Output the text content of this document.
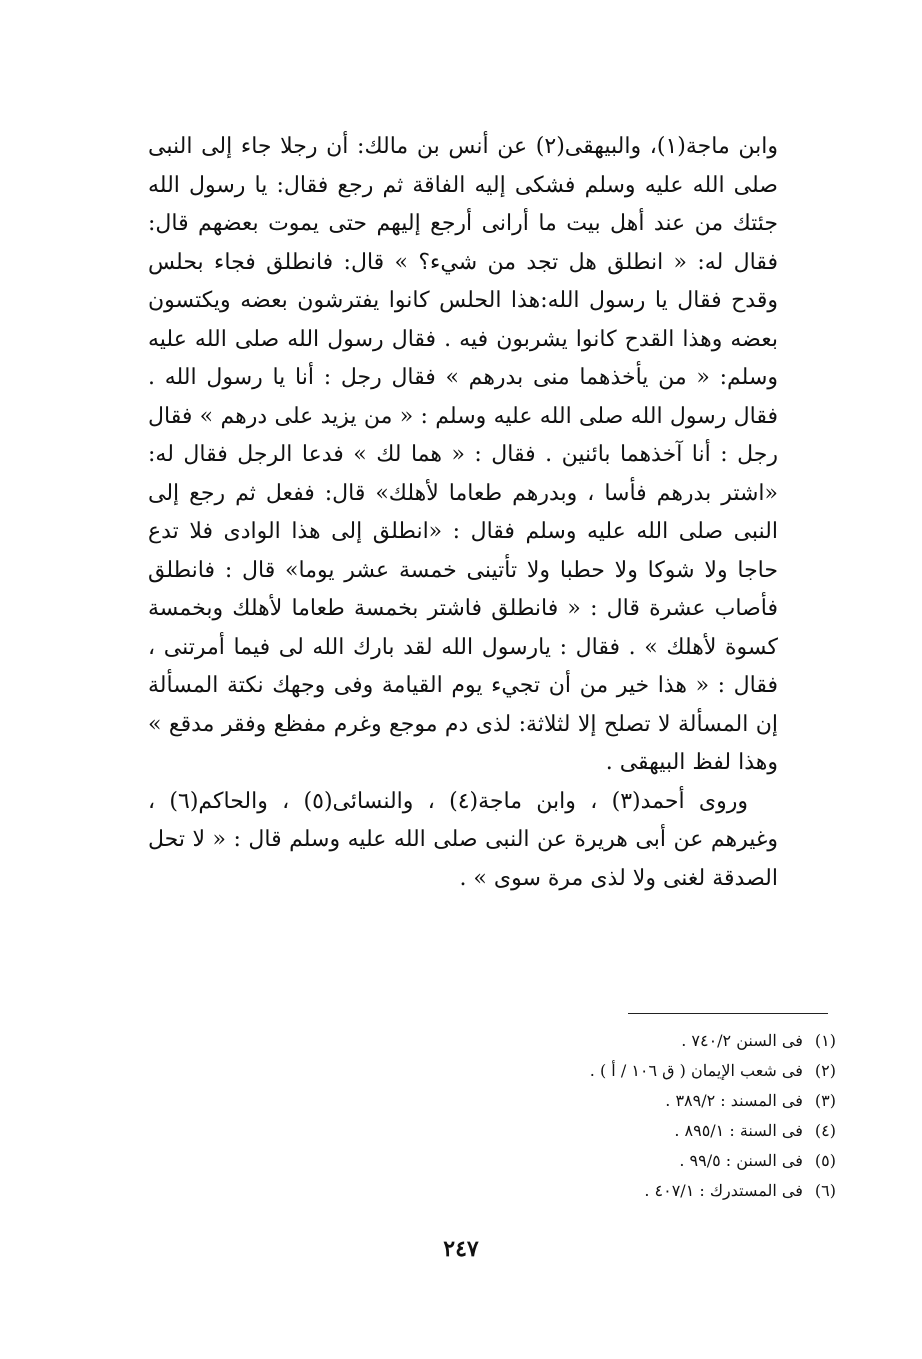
وابن ماجة(١)، والبيهقى(٢) عن أنس بن مالك: أن رجلا جاء إلى النبى صلى الله عليه وسلم فشكى إليه الفاقة ثم رجع فقال: يا رسول الله جئتك من عند أهل بيت ما أرانى أرجع إليهم حتى يموت بعضهم قال: فقال له: « انطلق هل تجد من شيء؟ » قال: فانطلق فجاء بحلس وقدح فقال يا رسول الله:هذا الحلس كانوا يفترشون بعضه ويكتسون بعضه وهذا القدح كانوا يشربون فيه . فقال رسول الله صلى الله عليه وسلم: « من يأخذهما منى بدرهم » فقال رجل : أنا يا رسول الله . فقال رسول الله صلى الله عليه وسلم : « من يزيد على درهم » فقال رجل : أنا آخذهما بائنين . فقال : « هما لك » فدعا الرجل فقال له: «اشتر بدرهم فأسا ، وبدرهم طعاما لأهلك» قال: ففعل ثم رجع إلى النبى صلى الله عليه وسلم فقال : «انطلق إلى هذا الوادى فلا تدع حاجا ولا شوكا ولا حطبا ولا تأتينى خمسة عشر يوما» قال : فانطلق فأصاب عشرة قال : « فانطلق فاشتر بخمسة طعاما لأهلك وبخمسة كسوة لأهلك » . فقال : يارسول الله لقد بارك الله لى فيما أمرتنى ، فقال : « هذا خير من أن تجيء يوم القيامة وفى وجهك نكتة المسألة إن المسألة لا تصلح إلا لثلاثة: لذى دم موجع وغرم مفظع وفقر مدقع » وهذا لفظ البيهقى .

وروى أحمد(٣) ، وابن ماجة(٤) ، والنسائى(٥) ، والحاكم(٦) ، وغيرهم عن أبى هريرة عن النبى صلى الله عليه وسلم قال : « لا تحل الصدقة لغنى ولا لذى مرة سوى » .

(١) فى السنن ٧٤٠/٢ .
(٢) فى شعب الإيمان ( ق ١٠٦ / أ ) .
(٣) فى المسند : ٣٨٩/٢ .
(٤) فى السنة : ٨٩٥/١ .
(٥) فى السنن : ٩٩/٥ .
(٦) فى المستدرك : ٤٠٧/١ .
٢٤٧
